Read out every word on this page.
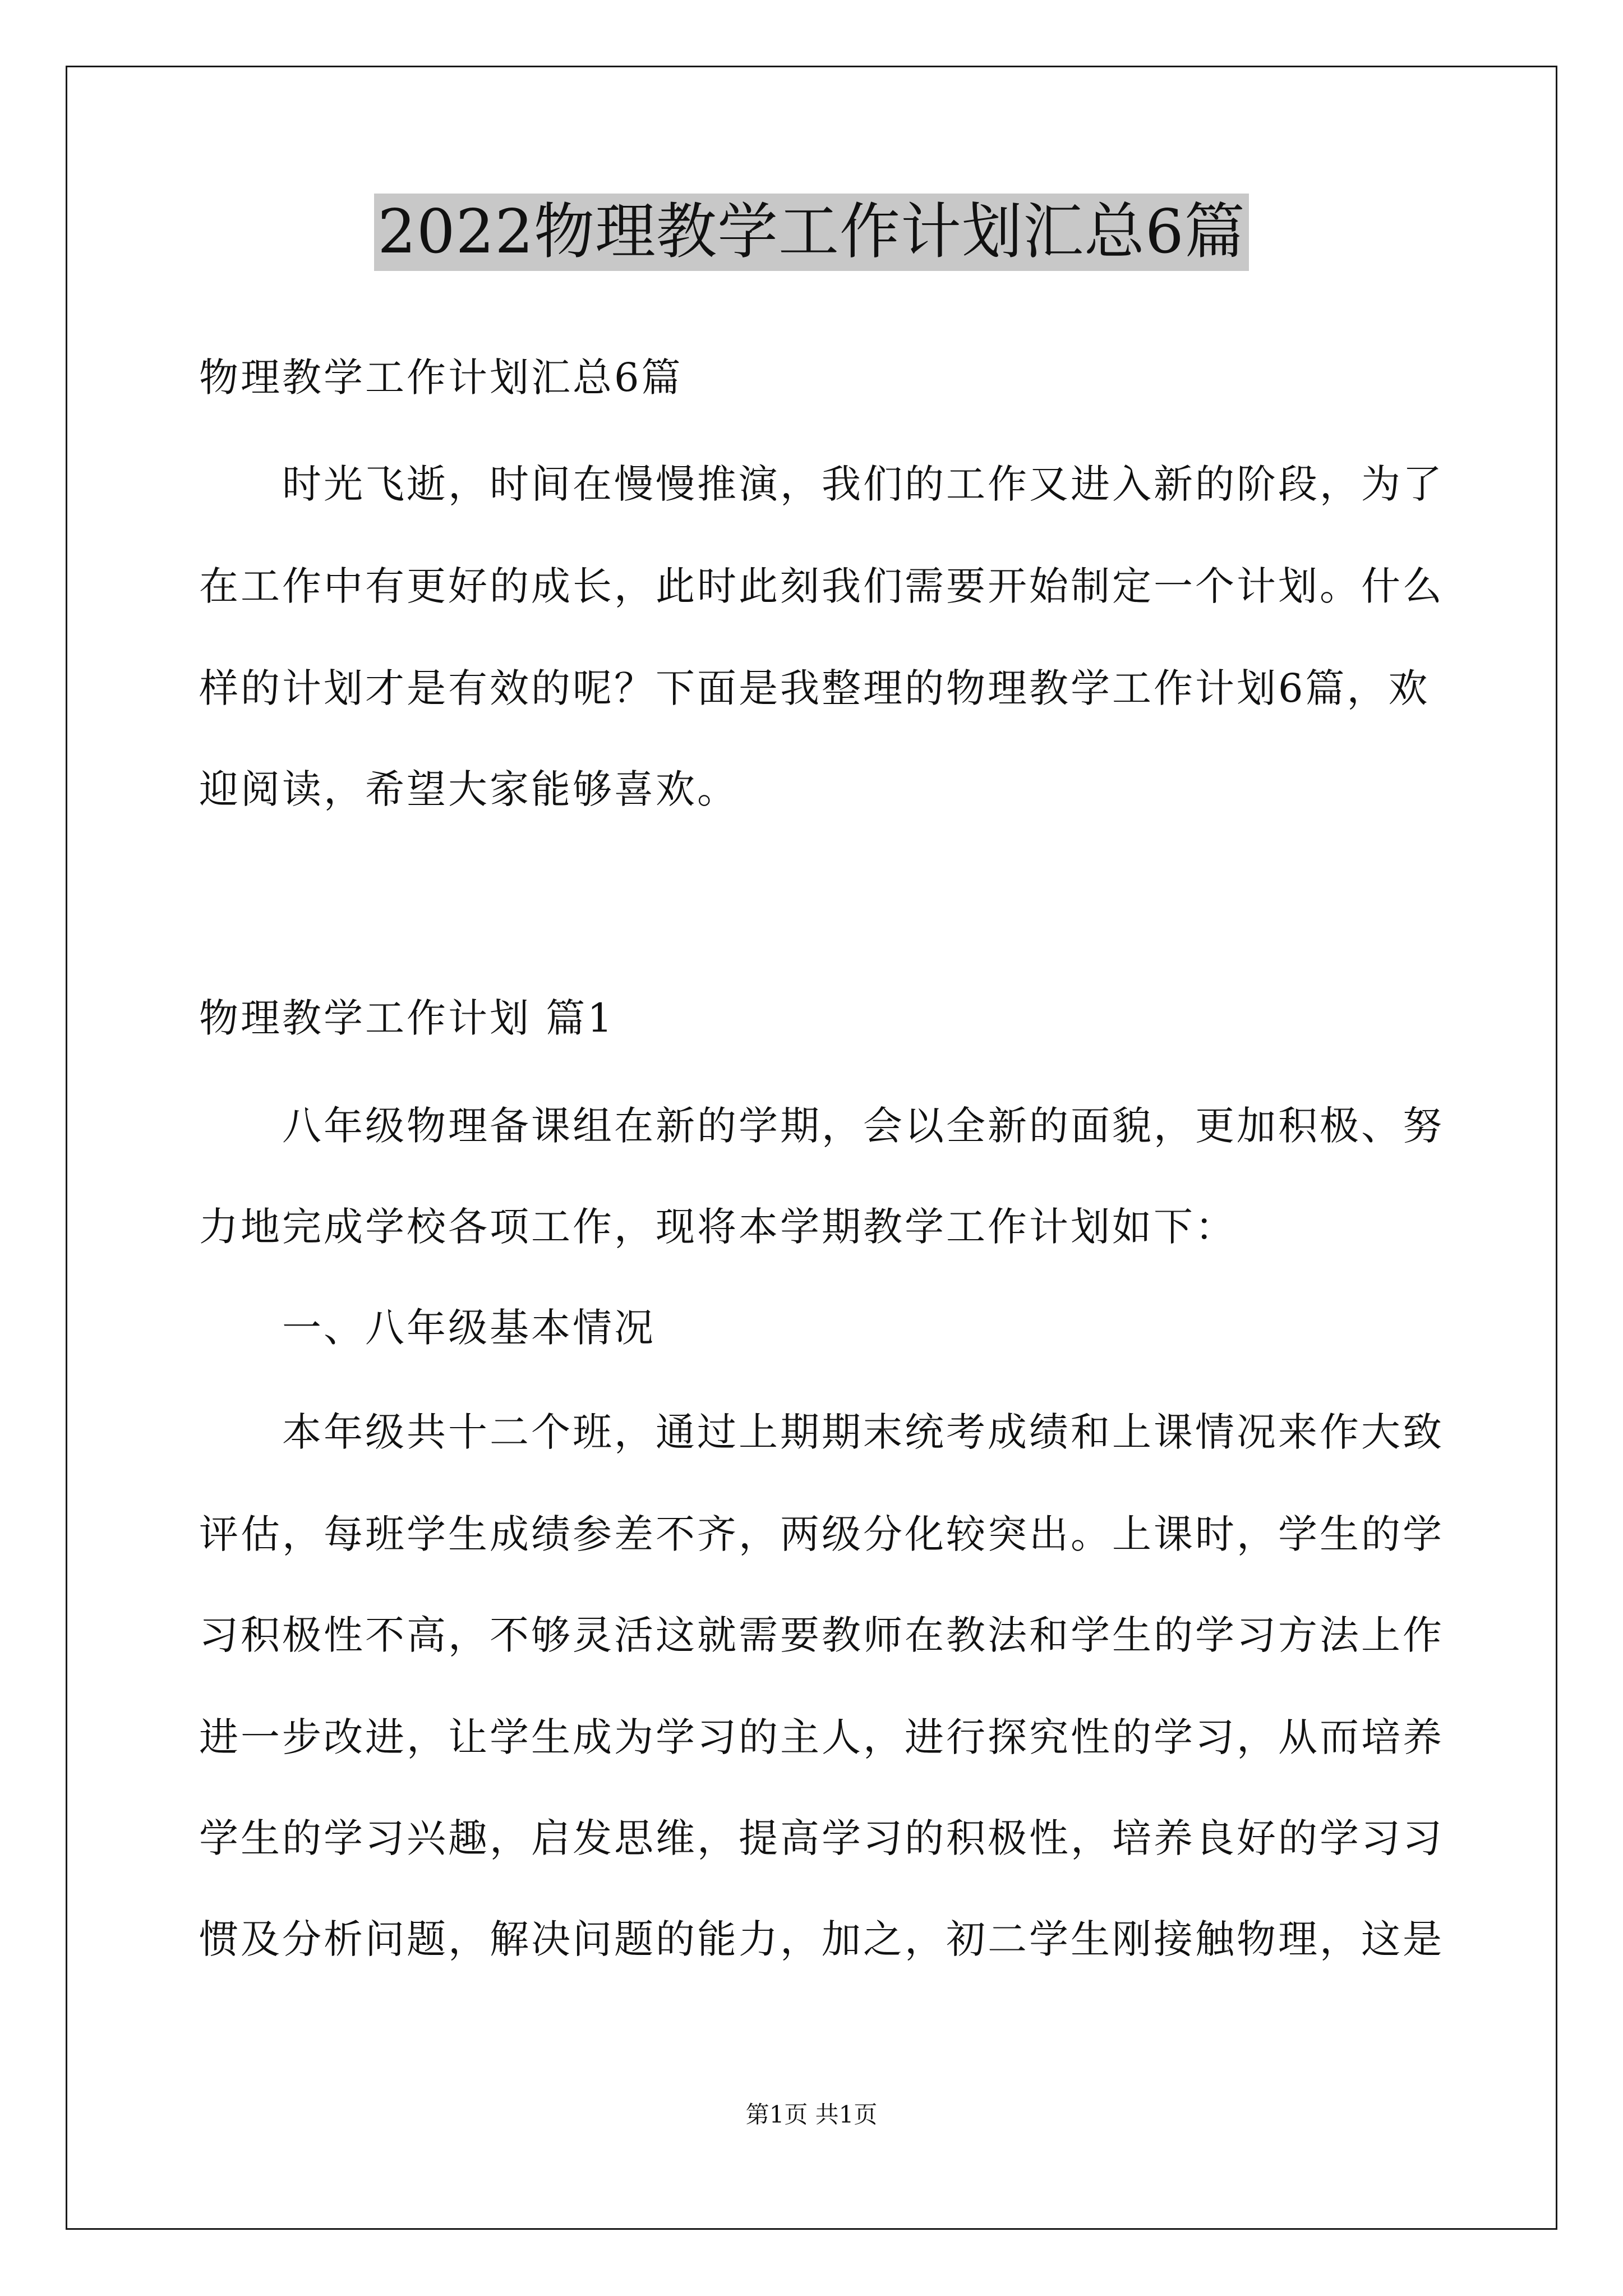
2022物理教学工作计划汇总6篇
物理教学工作计划汇总6篇
时光飞逝，时间在慢慢推演，我们的工作又进入新的阶段，为了
在工作中有更好的成长，此时此刻我们需要开始制定一个计划。什么
样的计划才是有效的呢？下面是我整理的物理教学工作计划6篇，欢
迎阅读，希望大家能够喜欢。
物理教学工作计划 篇1
八年级物理备课组在新的学期，会以全新的面貌，更加积极、努
力地完成学校各项工作，现将本学期教学工作计划如下：
一、八年级基本情况
本年级共十二个班，通过上期期末统考成绩和上课情况来作大致
评估，每班学生成绩参差不齐，两级分化较突出。上课时，学生的学
习积极性不高，不够灵活这就需要教师在教法和学生的学习方法上作
进一步改进，让学生成为学习的主人，进行探究性的学习，从而培养
学生的学习兴趣，启发思维，提高学习的积极性，培养良好的学习习
惯及分析问题，解决问题的能力，加之，初二学生刚接触物理，这是
第1页 共1页
